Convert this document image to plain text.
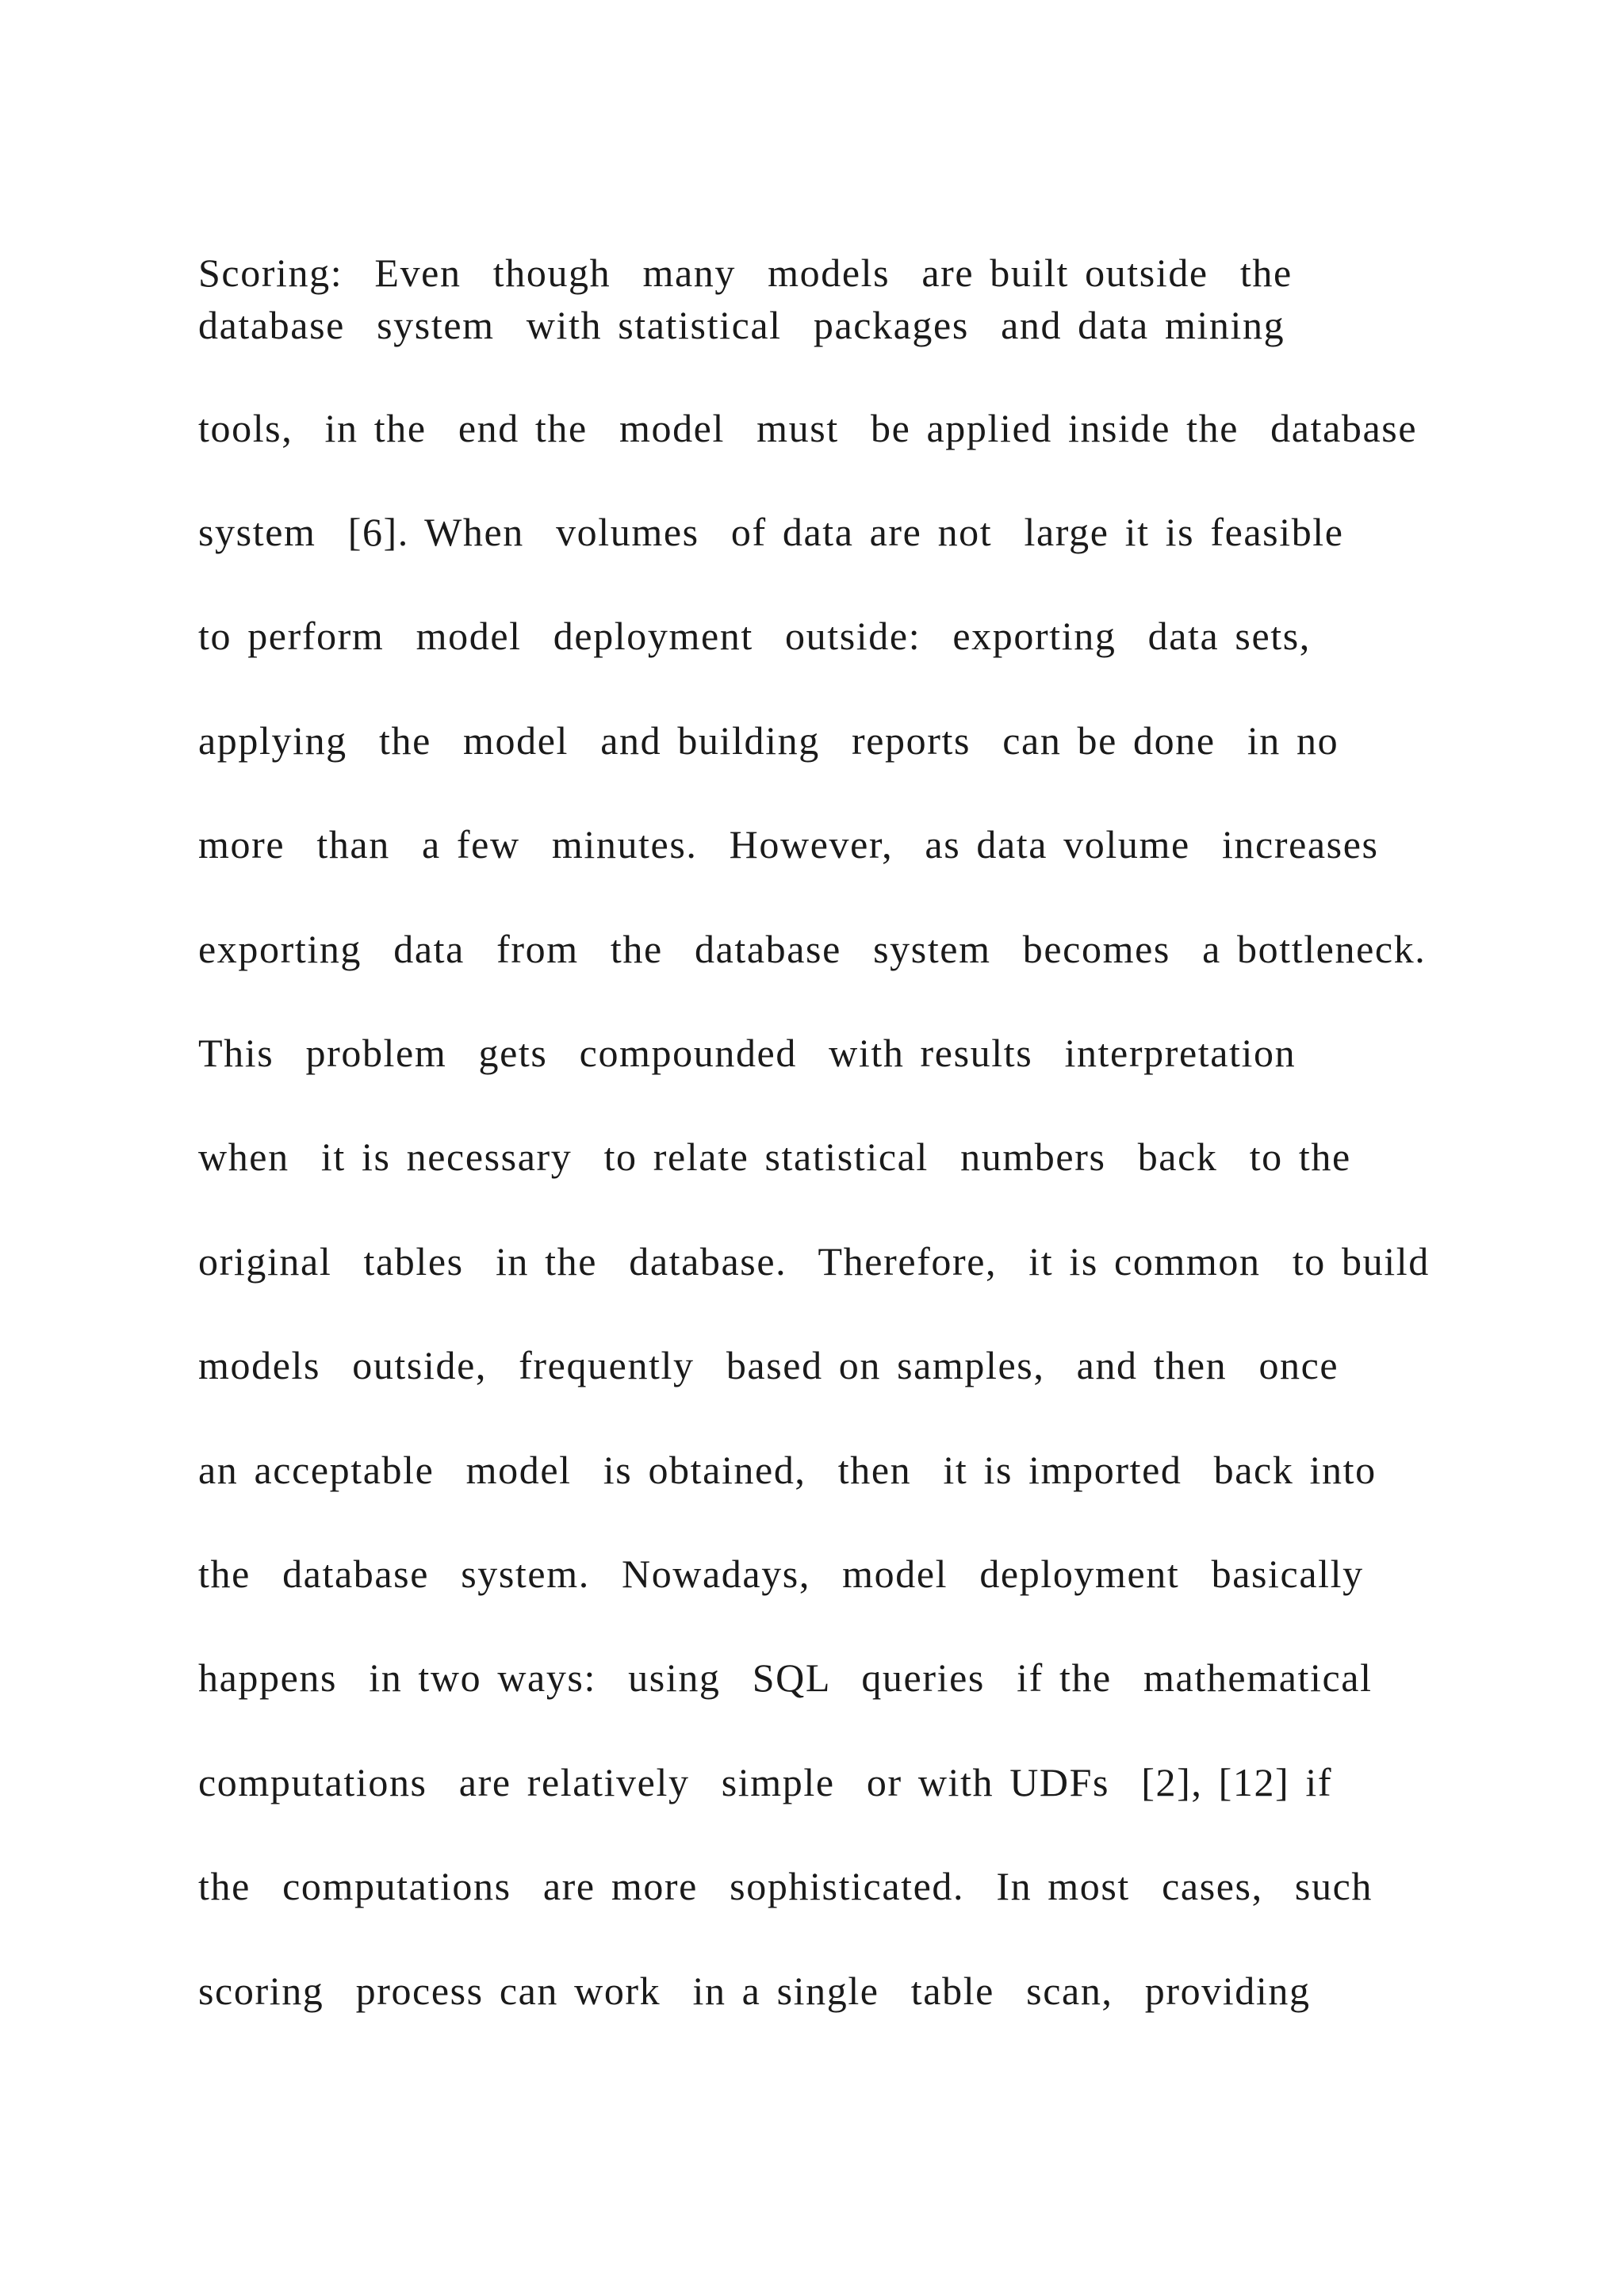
Scoring:  Even  though  many  models  are built outside  the

database  system  with statistical  packages  and data mining

tools,  in the  end the  model  must  be applied inside the  database

system  [6]. When  volumes  of data are not  large it is feasible

to perform  model  deployment  outside:  exporting  data sets,

applying  the  model  and building  reports  can be done  in no

more  than  a few  minutes.  However,  as data volume  increases

exporting  data  from  the  database  system  becomes  a bottleneck.

This  problem  gets  compounded  with results  interpretation

when  it is necessary  to relate statistical  numbers  back  to the

original  tables  in the  database.  Therefore,  it is common  to build

models  outside,  frequently  based on samples,  and then  once

an acceptable  model  is obtained,  then  it is imported  back into

the  database  system.  Nowadays,  model  deployment  basically

happens  in two ways:  using  SQL  queries  if the  mathematical

computations  are relatively  simple  or with UDFs  [2], [12] if

the  computations  are more  sophisticated.  In most  cases,  such

scoring  process can work  in a single  table  scan,  providing
